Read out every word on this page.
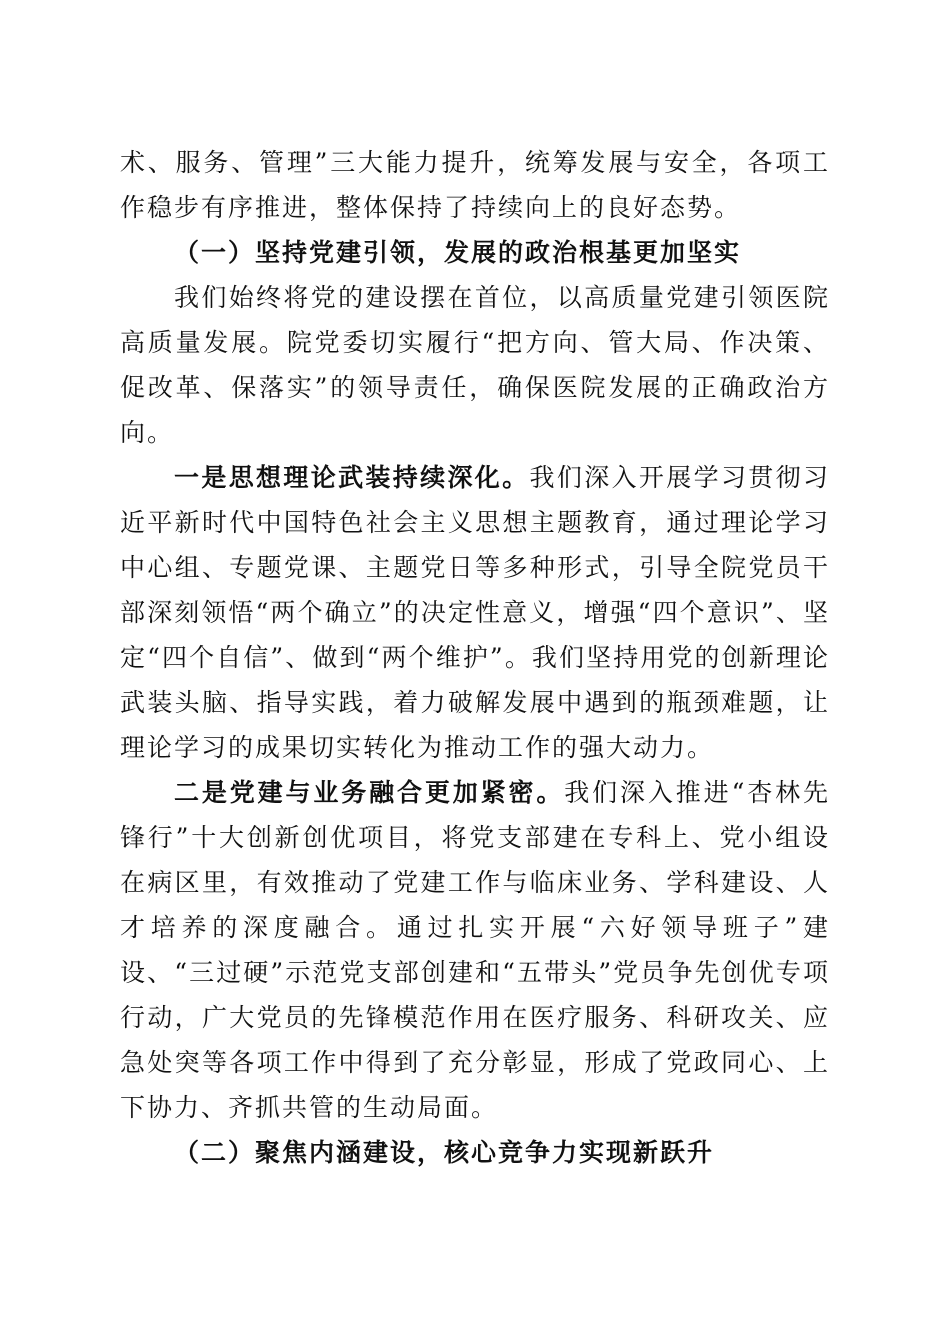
术、服务、管理”三大能力提升，统筹发展与安全，各项工作稳步有序推进，整体保持了持续向上的良好态势。

（一）坚持党建引领，发展的政治根基更加坚实

我们始终将党的建设摆在首位，以高质量党建引领医院高质量发展。院党委切实履行“把方向、管大局、作决策、促改革、保落实”的领导责任，确保医院发展的正确政治方向。

一是思想理论武装持续深化。我们深入开展学习贯彻习近平新时代中国特色社会主义思想主题教育，通过理论学习中心组、专题党课、主题党日等多种形式，引导全院党员干部深刻领悟“两个确立”的决定性意义，增强“四个意识”、坚定“四个自信”、做到“两个维护”。我们坚持用党的创新理论武装头脑、指导实践，着力破解发展中遇到的瓶颈难题，让理论学习的成果切实转化为推动工作的强大动力。

二是党建与业务融合更加紧密。我们深入推进“杏林先锋行”十大创新创优项目，将党支部建在专科上、党小组设在病区里，有效推动了党建工作与临床业务、学科建设、人才培养的深度融合。通过扎实开展“六好领导班子”建设、“三过硬”示范党支部创建和“五带头”党员争先创优专项行动，广大党员的先锋模范作用在医疗服务、科研攻关、应急处突等各项工作中得到了充分彰显，形成了党政同心、上下协力、齐抓共管的生动局面。

（二）聚焦内涵建设，核心竞争力实现新跃升
